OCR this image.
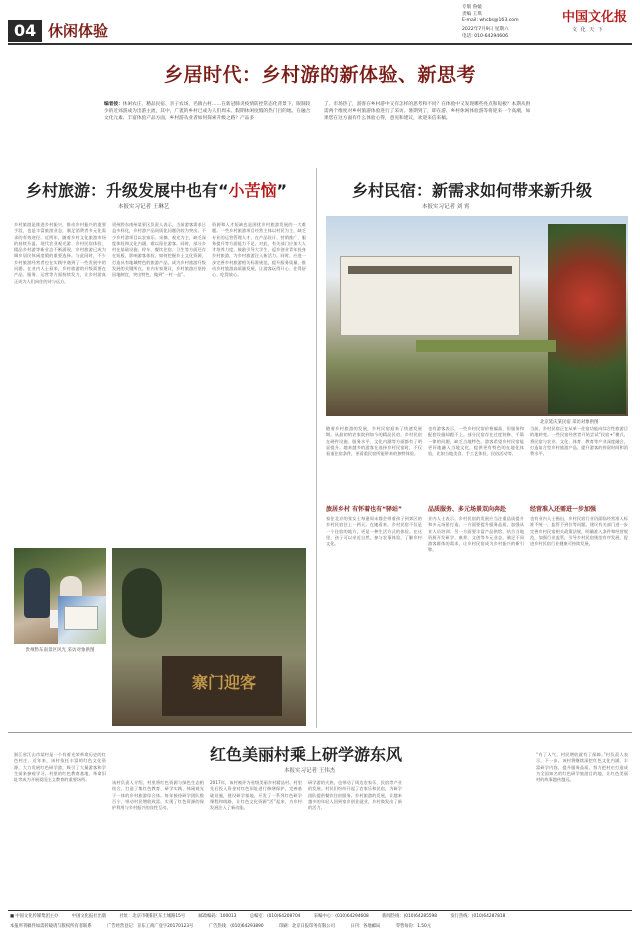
04 休闲体验
专版 鲁媛
责编 王琪
E-mail: whcbs@163.com
2022年7月9日 星期六
电话: 010-64294606
中国文化报
文 化 天 下
乡居时代：乡村游的新体验、新思考
编者按：休闲农庄、精品民宿、亲子农场、名镇古村……在新冠肺炎疫情防控常态化背景下，限制较少的近郊游成为出游主流，其中，广袤的乡村已成为人们周末、假期休闲度假的热门目的地。在融合文化元素、丰富体验产品方面，乡村游从业者如何探索升级之路？产品多
了、市场热了，游客在乡村游中又有怎样的思考和不同？在体验中又发现哪些亮点和短板？本期从供需两个维度对乡村旅游体验进行了采访。暑期到了，即在游、乡村休闲体验游等将迎来一个高潮，如果您在这方面有什么体验心得，意见和建议，欢迎来信来稿。
乡村旅游：升级发展中也有“小苦恼”
本报实习记者 王琳艺
乡村旅游是推进乡村振兴，推动乡村振兴的重要手段，也是丰富旅游业态，满足消费者多元化需求的有效途径。近两年，随着乡村文化旅游市场的持续升温，现代农业观光游、乡村民宿体验、精品乡村游等新业态不断涌现，乡村旅游已成为城乡居民休闲度假的重要选择。与此同时，不少乡村旅游经营者也在实践中遇到了一些发展中的问题。在业内人士看来，乡村旅游的升级需要在产品、服务、运营等方面持续发力，让乡村游真正成为人们向往的诗与远方。
贵州黔东南州某景区负责人表示，当前游客需求日益多样化，乡村游产品同质化问题仍较为突出。不少乡村游项目以农家乐、采摘、观光为主，缺乏深度体验和文化内涵，难以留住游客。同时，部分乡村在基础设施、停车、餐饮住宿、卫生等方面还存在短板，影响游客体验。如何挖掘乡土文化资源，打造具有地域特色的旅游产品，成为乡村旅游升级发展的关键所在。业内专家建议，乡村旅游应坚持因地制宜，突出特色，做到“一村一品”。
资源和人才短缺也是困扰乡村旅游发展的一大难题。一些乡村旅游项目经营主体以村民为主，缺乏专业的运营管理人才，在产品设计、营销推广、服务提升等方面能力不足。对此，有关部门应加大人才培养力度，鼓励引导大学生、返乡创业青年投身乡村旅游，为乡村旅游注入新活力。同时，应进一步完善乡村旅游相关标准规范，提升服务质量，推动乡村旅游高质量发展，让游客玩得开心、住得舒心、吃得放心。
贵州黔东南景区风光 采访对象供图
寨门迎客
乡村民宿：新需求如何带来新升级
本报实习记者 刘 霄
北京延庆某民宿 采访对象供图
随着乡村旅游的发展，乡村民宿迎来了快速发展期。从最初的农家院到如今的精品民宿，乡村民宿在硬件设施、服务水平、文化内涵等方面都有了明显提升。越来越多的游客在选择乡村民宿时，不仅看重住宿条件，更看重民宿所能带来的独特体验。
旅居乡村 有怀着也有“驿站”
家住北京的张女士每逢周末都会带着孩子到郊区的乡村民宿住上一两天。在她看来，乡村民宿不仅是一个住宿的地方，更是一种生活方式的体验。在这里，孩子可以亲近自然，参与农事体验，了解乡村文化。
也有游客表示，一些乡村民宿价格偏高，但服务和配套设施却跟不上。部分民宿存在过度装修、千篇一律的问题，缺乏当地特色。游客希望乡村民宿能更好地融入当地文化，提供更有特色的在地化体验，比如当地美食、手工艺体验、民俗活动等。
品质服务、多元场景双向奔赴
业内人士表示，乡村民宿的发展应当注重品质提升和多元场景打造。一方面要提升服务品质，加强从业人员培训；另一方面要丰富产品供给，结合当地资源开发研学、康养、文创等多元业态，满足不同游客群体的需求，让乡村民宿成为乡村振兴的新引擎。
当前，乡村民宿正在从单一住宿功能向综合性旅游目的地转变。一些民宿经营者开始尝试“民宿+”模式，将民宿与农业、文化、体育、教育等产业深度融合，打造复合型乡村旅游产品，提升游客的停留时间和消费水平。
经营准入还需进一步加强
也有业内人士指出，乡村民宿行业仍面临经营准入标准不统一、监管不到位等问题。建议有关部门进一步完善乡村民宿相关政策法规，明确准入条件和经营规范，加强行业监管，引导乡村民宿规范有序发展，促进乡村民宿行业健康可持续发展。
红色美丽村乘上研学游东风
本报实习记者 王伟杰
浙江省江山市某村是一个有着光荣革命历史的红色村庄。近年来，该村依托丰富的红色文化资源，大力发展红色研学游，吸引了大量游客和学生前来参观学习。村里的红色教育基地、革命旧址等成为开展爱国主义教育的重要场所。
该村负责人介绍，村里将红色资源与绿色生态相结合，打造了集红色教育、研学实践、休闲观光于一体的乡村旅游综合体。每年接待研学团队数百个，带动村民增收致富，实现了红色资源的保护利用与乡村振兴的良性互动。
2017年，该村被评为省级美丽乡村精品村。村里先后投入资金对红色旧址进行修缮保护，完善基础设施，建设研学基地，开发了一系列红色研学课程和线路，让红色文化资源“活”起来，为乡村发展注入了新动能。
研学游的火热，也带动了周边农家乐、民宿等产业的发展。村民们纷纷开起了农家乐和民宿，为研学团队提供餐饮住宿服务。乡村旅游的发展，让越来越多的年轻人回到家乡创业就业，乡村焕发出了新的活力。
“有了人气，村民增收就有了保障。”村负责人表示，下一步，该村将继续深挖红色文化内涵，丰富研学内容，提升服务品质，努力把村庄打造成为全国知名的红色研学旅游目的地，让红色美丽村的故事越传越远。
■ 中国文化传媒集团主办	中国文化报社出版	社址：北京市朝阳区东土城路15号	邮政编码：100013	总编室：(010)64208704	采编中心：(010)64294608	新闻热线：(010)64285598	发行热线：(010)64287818
本报所刊稿件如需转载请与版权所有者联系	广告经营登记：京东工商广登字20170123号	广告热线：(010)64293890	印刷：北京日报印务有限公司	日刊：各地邮局	零售每份：1.50元
